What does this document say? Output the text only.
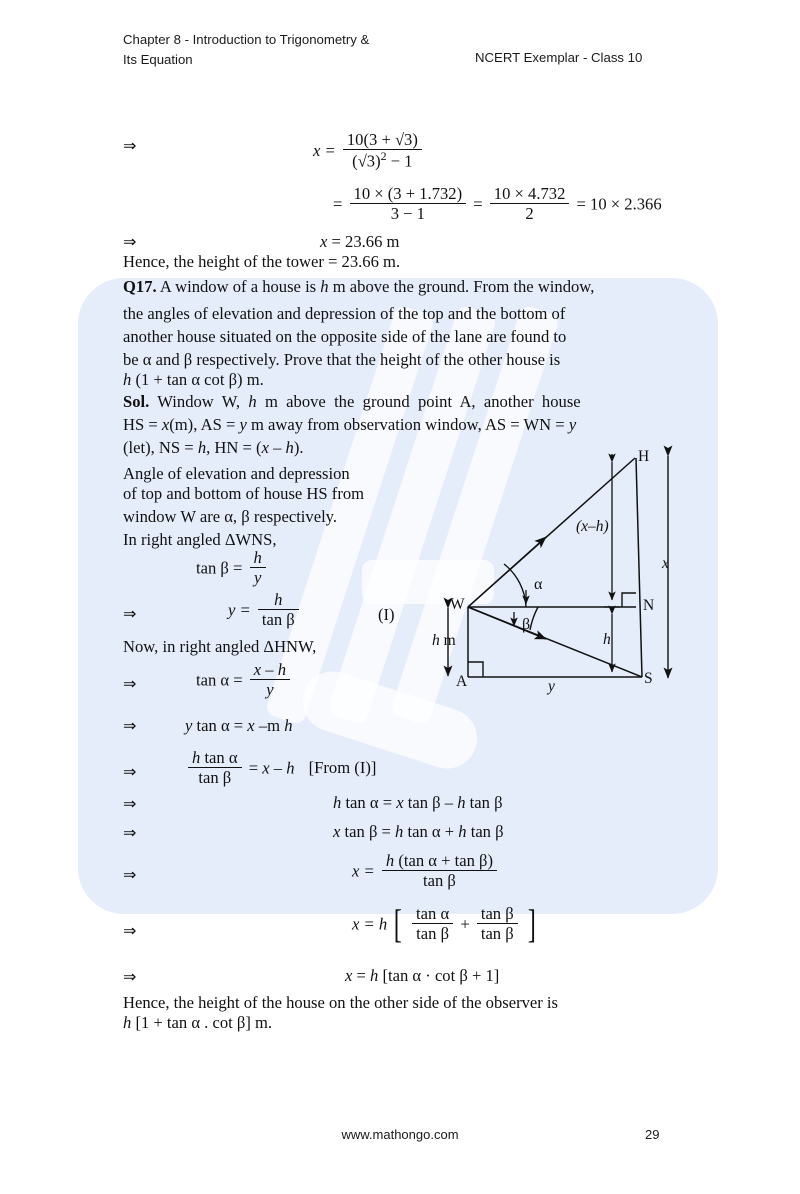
Chapter 8 - Introduction to Trigonometry &
Its Equation	NCERT Exemplar - Class 10
⇒	$x = \frac{10(3 + √3)}{(√3)^2 - 1}$
= $\frac{10 \times (3 + 1.732)}{3 - 1} = \frac{10 \times 4.732}{2} = 10 \times 2.366$
⇒	x = 23.66 m
Hence, the height of the tower = 23.66 m.
Q17. A window of a house is h m above the ground. From the window,
the angles of elevation and depression of the top and the bottom of
another house situated on the opposite side of the lane are found to
be α and β respectively. Prove that the height of the other house is
h (1 + tan α cot β) m.
Sol.  Window  W,  h  m  above  the  ground  point  A,  another  house
HS = x(m), AS = y m away from observation window, AS = WN = y
(let), NS = h, HN = (x – h).
Angle of elevation and depression
of top and bottom of house HS from
window W are α, β respectively.
In right angled ΔWNS,
$\tan \beta = \frac{h}{y}$
⇒	$y = \frac{h}{\text{tan β}}$	(I)
Now, in right angled ΔHNW,
⇒	$\tan \alpha = \frac{x - h}{y}$
⇒	y tan α = x –m h
⇒	$\frac{\text{h tan α}}{\text{tan β}} = x - h$ [From (I)]
⇒	h tan α = x tan β – h tan β
⇒	x tan β = h tan α + h tan β
⇒	$x = \frac{\text{h (tan α + tan β)}}{\text{tan β}}$
⇒	x = h [ $\frac{\text{tan α}}{\text{tan β}} + \frac{\text{tan β}}{\text{tan β}}$ ]
⇒	x = h [tan α · cot β + 1]
Hence, the height of the house on the other side of the observer is
h [1 + tan α . cot β] m.
W
H
N
S
A
α
β
(x–h)
h
x
h m
y
www.mathongo.com	29
